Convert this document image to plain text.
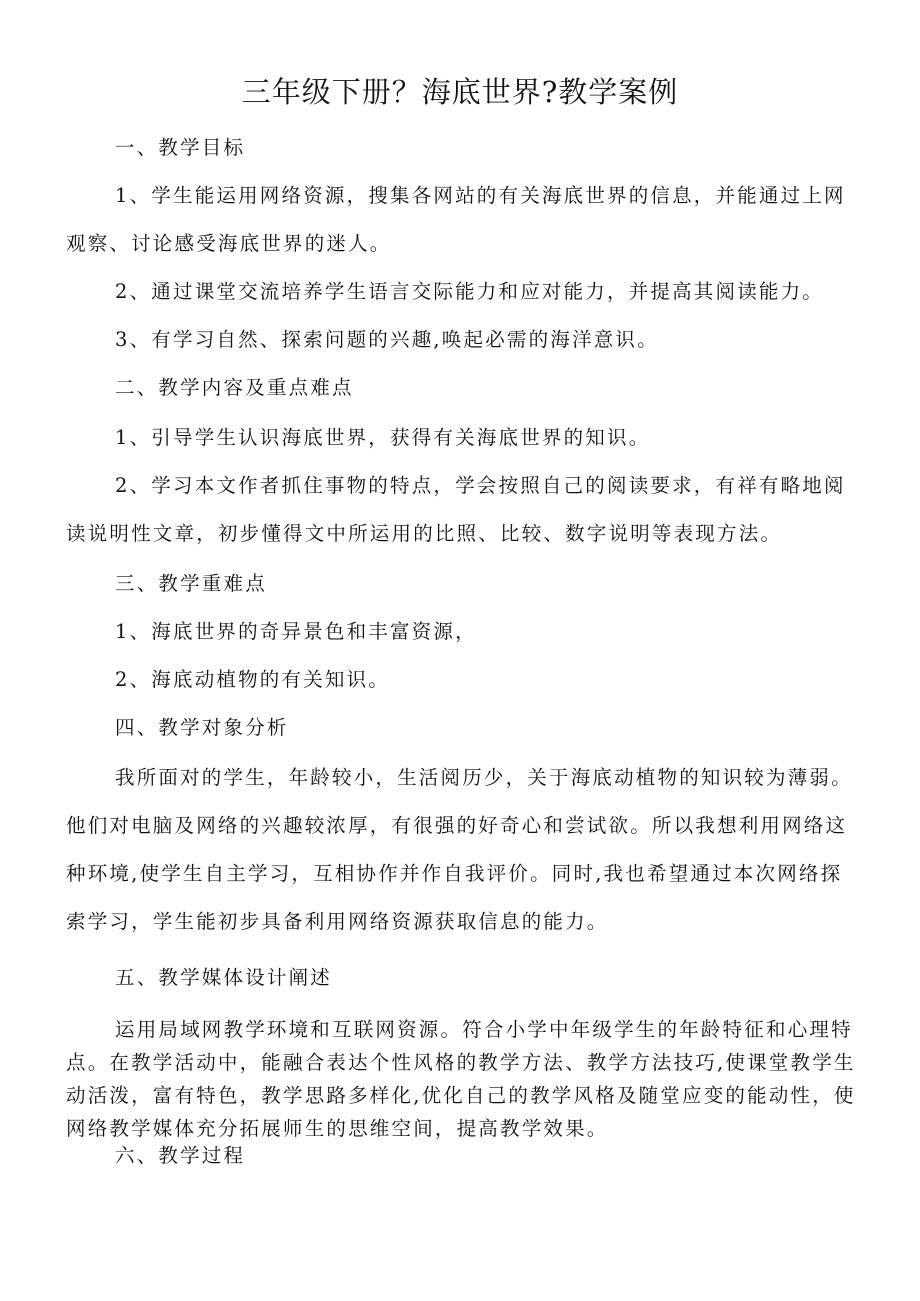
三年级下册？海底世界?教学案例
一、教学目标
1、学生能运用网络资源，搜集各网站的有关海底世界的信息，并能通过上网
观察、讨论感受海底世界的迷人。
2、通过课堂交流培养学生语言交际能力和应对能力，并提高其阅读能力。
3、有学习自然、探索问题的兴趣,唤起必需的海洋意识。
二、教学内容及重点难点
1、引导学生认识海底世界，获得有关海底世界的知识。
2、学习本文作者抓住事物的特点，学会按照自己的阅读要求，有祥有略地阅
读说明性文章，初步懂得文中所运用的比照、比较、数字说明等表现方法。
三、教学重难点
1、海底世界的奇异景色和丰富资源，
2、海底动植物的有关知识。
四、教学对象分析
我所面对的学生，年龄较小，生活阅历少，关于海底动植物的知识较为薄弱。
他们对电脑及网络的兴趣较浓厚，有很强的好奇心和尝试欲。所以我想利用网络这
种环境,使学生自主学习，互相协作并作自我评价。同时,我也希望通过本次网络探
索学习，学生能初步具备利用网络资源获取信息的能力。
五、教学媒体设计阐述
运用局域网教学环境和互联网资源。符合小学中年级学生的年龄特征和心理特
点。在教学活动中，能融合表达个性风格的教学方法、教学方法技巧,使课堂教学生
动活泼，富有特色，教学思路多样化,优化自己的教学风格及随堂应变的能动性，使
网络教学媒体充分拓展师生的思维空间，提高教学效果。
六、教学过程
